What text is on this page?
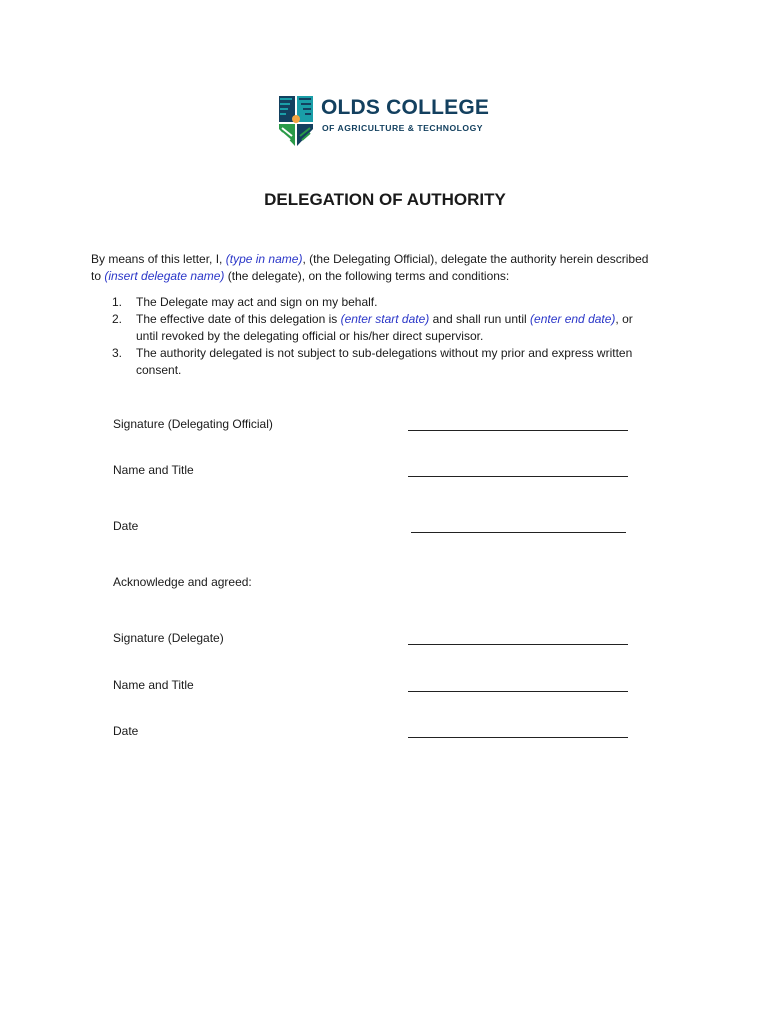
OLDS COLLEGE
OF AGRICULTURE & TECHNOLOGY
DELEGATION OF AUTHORITY
By means of this letter, I, (type in name), (the Delegating Official), delegate the authority herein described
to (insert delegate name) (the delegate), on the following terms and conditions:
1. The Delegate may act and sign on my behalf.
2. The effective date of this delegation is (enter start date) and shall run until (enter end date), or
until revoked by the delegating official or his/her direct supervisor.
3. The authority delegated is not subject to sub-delegations without my prior and express written
consent.
Signature (Delegating Official)
Name and Title
Date
Acknowledge and agreed:
Signature (Delegate)
Name and Title
Date
